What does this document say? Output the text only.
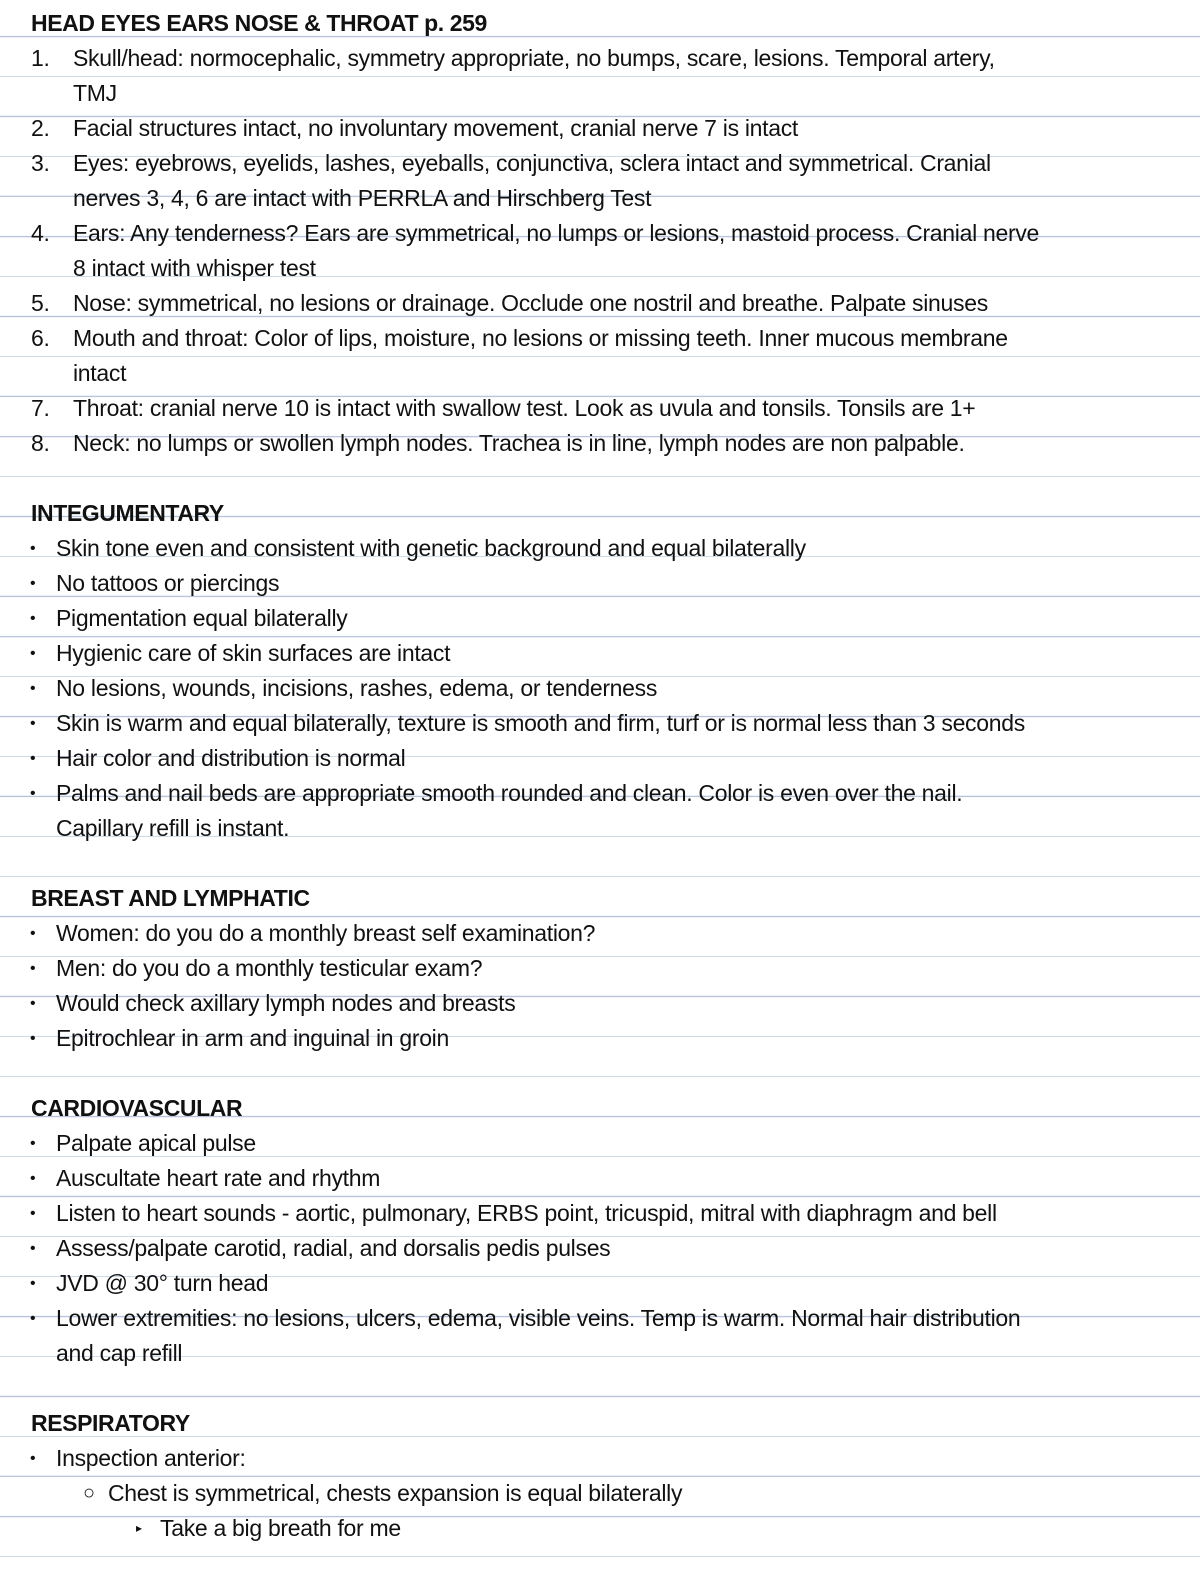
HEAD EYES EARS NOSE & THROAT p. 259
1. Skull/head: normocephalic, symmetry appropriate, no bumps, scare, lesions. Temporal artery,
TMJ
2. Facial structures intact, no involuntary movement, cranial nerve 7 is intact
3. Eyes: eyebrows, eyelids, lashes, eyeballs, conjunctiva, sclera intact and symmetrical. Cranial
nerves 3, 4, 6 are intact with PERRLA and Hirschberg Test
4. Ears: Any tenderness? Ears are symmetrical, no lumps or lesions, mastoid process. Cranial nerve
8 intact with whisper test
5. Nose: symmetrical, no lesions or drainage. Occlude one nostril and breathe. Palpate sinuses
6. Mouth and throat: Color of lips, moisture, no lesions or missing teeth. Inner mucous membrane
intact
7. Throat: cranial nerve 10 is intact with swallow test. Look as uvula and tonsils. Tonsils are 1+
8. Neck: no lumps or swollen lymph nodes. Trachea is in line, lymph nodes are non palpable.
INTEGUMENTARY
• Skin tone even and consistent with genetic background and equal bilaterally
• No tattoos or piercings
• Pigmentation equal bilaterally
• Hygienic care of skin surfaces are intact
• No lesions, wounds, incisions, rashes, edema, or tenderness
• Skin is warm and equal bilaterally, texture is smooth and firm, turf or is normal less than 3 seconds
• Hair color and distribution is normal
• Palms and nail beds are appropriate smooth rounded and clean. Color is even over the nail.
Capillary refill is instant.
BREAST AND LYMPHATIC
• Women: do you do a monthly breast self examination?
• Men: do you do a monthly testicular exam?
• Would check axillary lymph nodes and breasts
• Epitrochlear in arm and inguinal in groin
CARDIOVASCULAR
• Palpate apical pulse
• Auscultate heart rate and rhythm
• Listen to heart sounds - aortic, pulmonary, ERBS point, tricuspid, mitral with diaphragm and bell
• Assess/palpate carotid, radial, and dorsalis pedis pulses
• JVD @ 30° turn head
• Lower extremities: no lesions, ulcers, edema, visible veins. Temp is warm. Normal hair distribution
and cap refill
RESPIRATORY
• Inspection anterior:
○ Chest is symmetrical, chests expansion is equal bilaterally
▸ Take a big breath for me
